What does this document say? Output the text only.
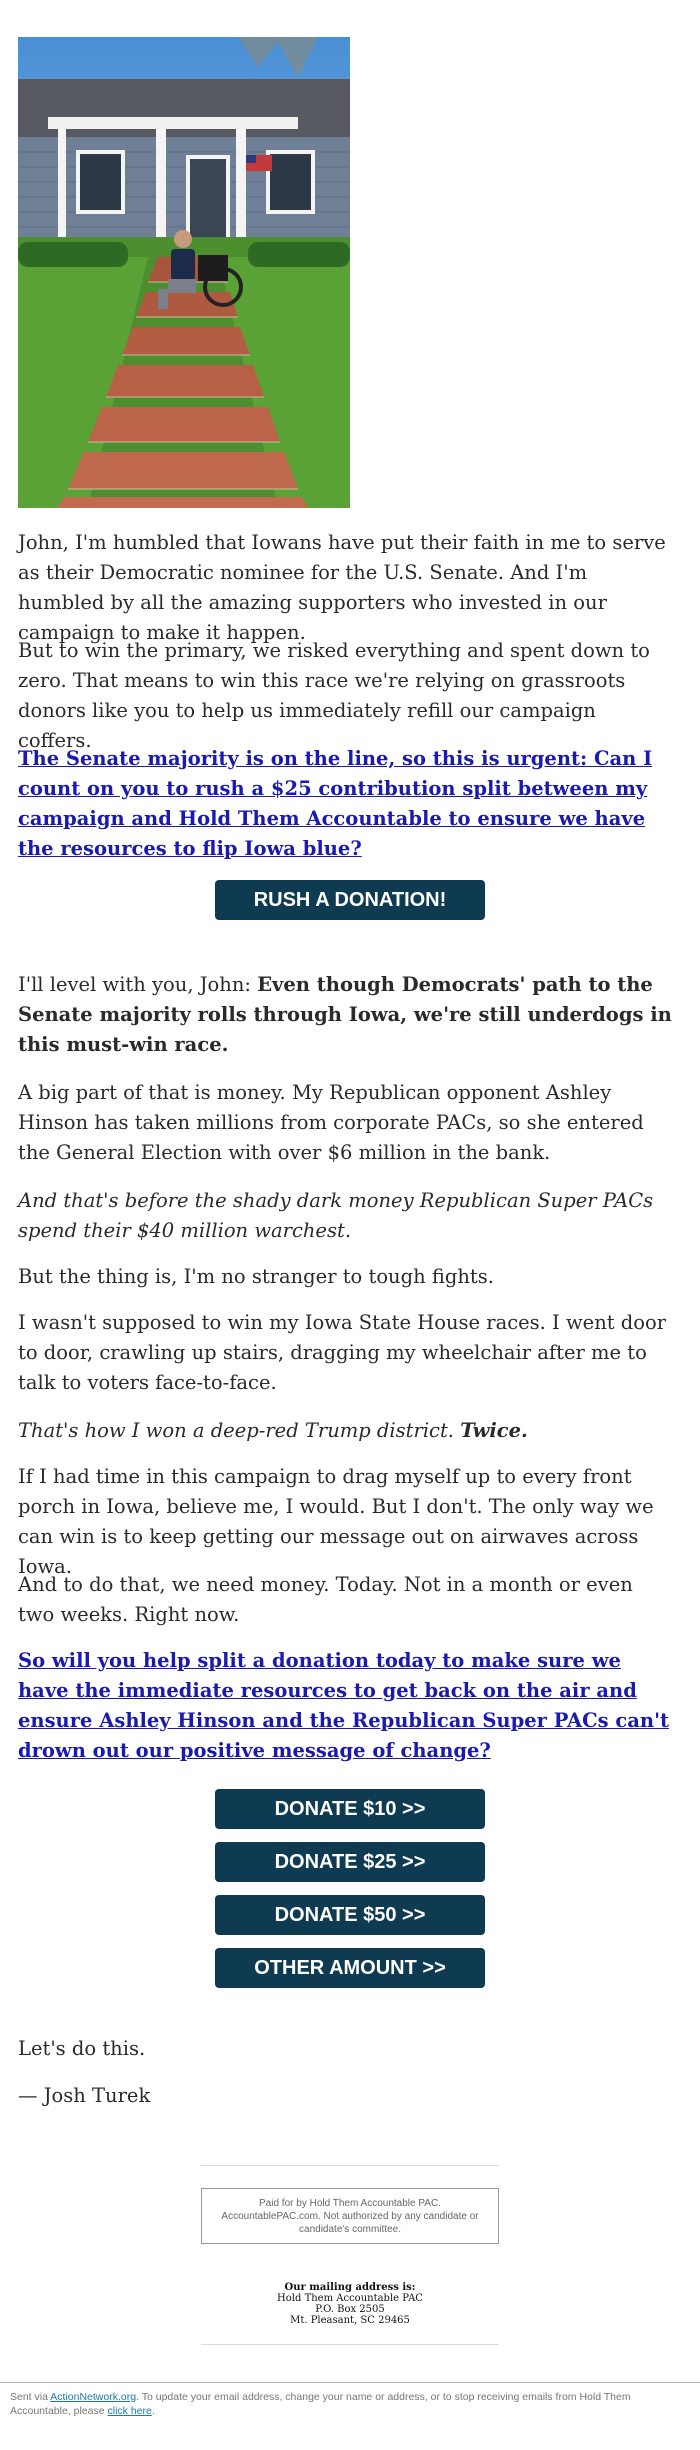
John, I'm humbled that Iowans have put their faith in me to serve as their Democratic nominee for the U.S. Senate. And I'm humbled by all the amazing supporters who invested in our campaign to make it happen.

But to win the primary, we risked everything and spent down to zero. That means to win this race we're relying on grassroots donors like you to help us immediately refill our campaign coffers.

The Senate majority is on the line, so this is urgent: Can I count on you to rush a $25 contribution split between my campaign and Hold Them Accountable to ensure we have the resources to flip Iowa blue?

RUSH A DONATION!

I'll level with you, John: Even though Democrats' path to the Senate majority rolls through Iowa, we're still underdogs in this must-win race.

A big part of that is money. My Republican opponent Ashley Hinson has taken millions from corporate PACs, so she entered the General Election with over $6 million in the bank.

And that's before the shady dark money Republican Super PACs spend their $40 million warchest.

But the thing is, I'm no stranger to tough fights.

I wasn't supposed to win my Iowa State House races. I went door to door, crawling up stairs, dragging my wheelchair after me to talk to voters face-to-face.

That's how I won a deep-red Trump district. Twice.

If I had time in this campaign to drag myself up to every front porch in Iowa, believe me, I would. But I don't. The only way we can win is to keep getting our message out on airwaves across Iowa.

And to do that, we need money. Today. Not in a month or even two weeks. Right now.

So will you help split a donation today to make sure we have the immediate resources to get back on the air and ensure Ashley Hinson and the Republican Super PACs can't drown out our positive message of change?

DONATE $10 >>
DONATE $25 >>
DONATE $50 >>
OTHER AMOUNT >>

Let's do this.

— Josh Turek

Paid for by Hold Them Accountable PAC.
AccountablePAC.com. Not authorized by any candidate or
candidate's committee.
Our mailing address is:
Hold Them Accountable PAC
P.O. Box 2505
Mt. Pleasant, SC 29465
Sent via ActionNetwork.org. To update your email address, change your name or address, or to stop receiving emails from Hold Them Accountable, please click here.
